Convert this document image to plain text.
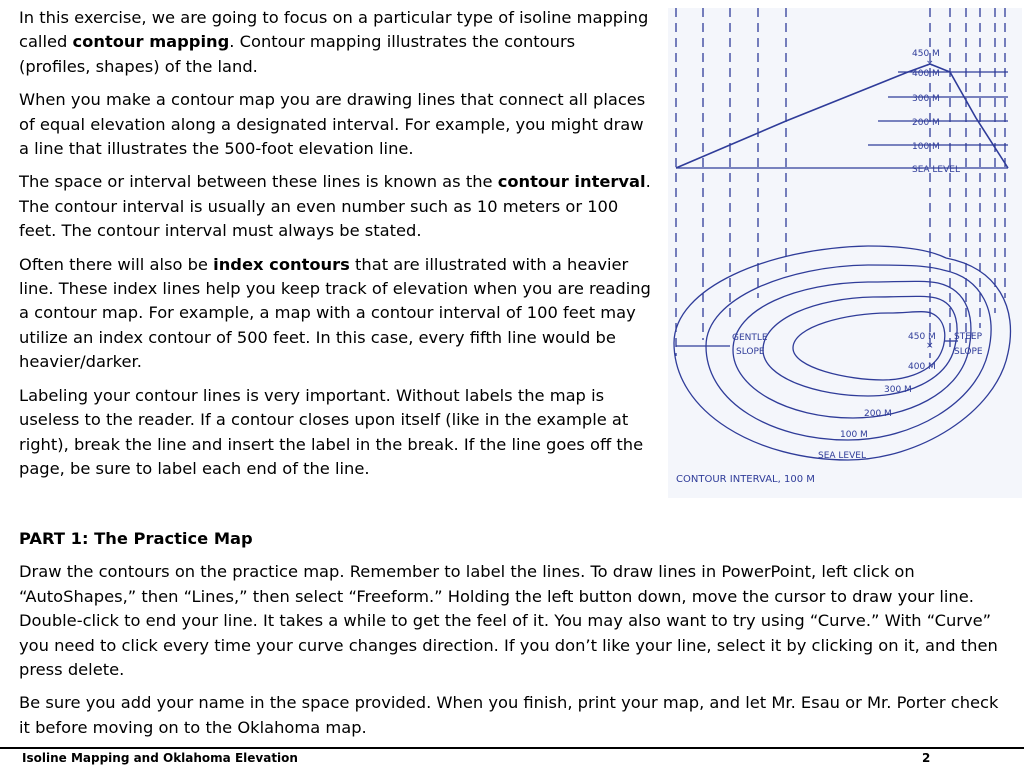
In this exercise, we are going to focus on a particular type of isoline mapping called contour mapping. Contour mapping illustrates the contours (profiles, shapes) of the land.

When you make a contour map you are drawing lines that connect all places of equal elevation along a designated interval. For example, you might draw a line that illustrates the 500-foot elevation line.

The space or interval between these lines is known as the contour interval. The contour interval is usually an even number such as 10 meters or 100 feet. The contour interval must always be stated.

Often there will also be index contours that are illustrated with a heavier line. These index lines help you keep track of elevation when you are reading a contour map. For example, a map with a contour interval of 100 feet may utilize an index contour of 500 feet. In this case, every fifth line would be heavier/darker.

Labeling your contour lines is very important. Without labels the map is useless to the reader. If a contour closes upon itself (like in the example at right), break the line and insert the label in the break. If the line goes off the page, be sure to label each end of the line.

450 M
400 M
300 M
200 M
100 M
SEA LEVEL
×
GENTLE
SLOPE
450 M
×
STEEP
SLOPE
400 M
300 M
200 M
100 M
SEA LEVEL
CONTOUR INTERVAL, 100 M
PART 1: The Practice Map

Draw the contours on the practice map. Remember to label the lines. To draw lines in PowerPoint, left click on “AutoShapes,” then “Lines,” then select “Freeform.” Holding the left button down, move the cursor to draw your line. Double-click to end your line. It takes a while to get the feel of it. You may also want to try using “Curve.” With “Curve” you need to click every time your curve changes direction. If you don’t like your line, select it by clicking on it, and then press delete.

Be sure you add your name in the space provided. When you finish, print your map, and let Mr. Esau or Mr. Porter check it before moving on to the Oklahoma map.

Isoline Mapping and Oklahoma Elevation	2
